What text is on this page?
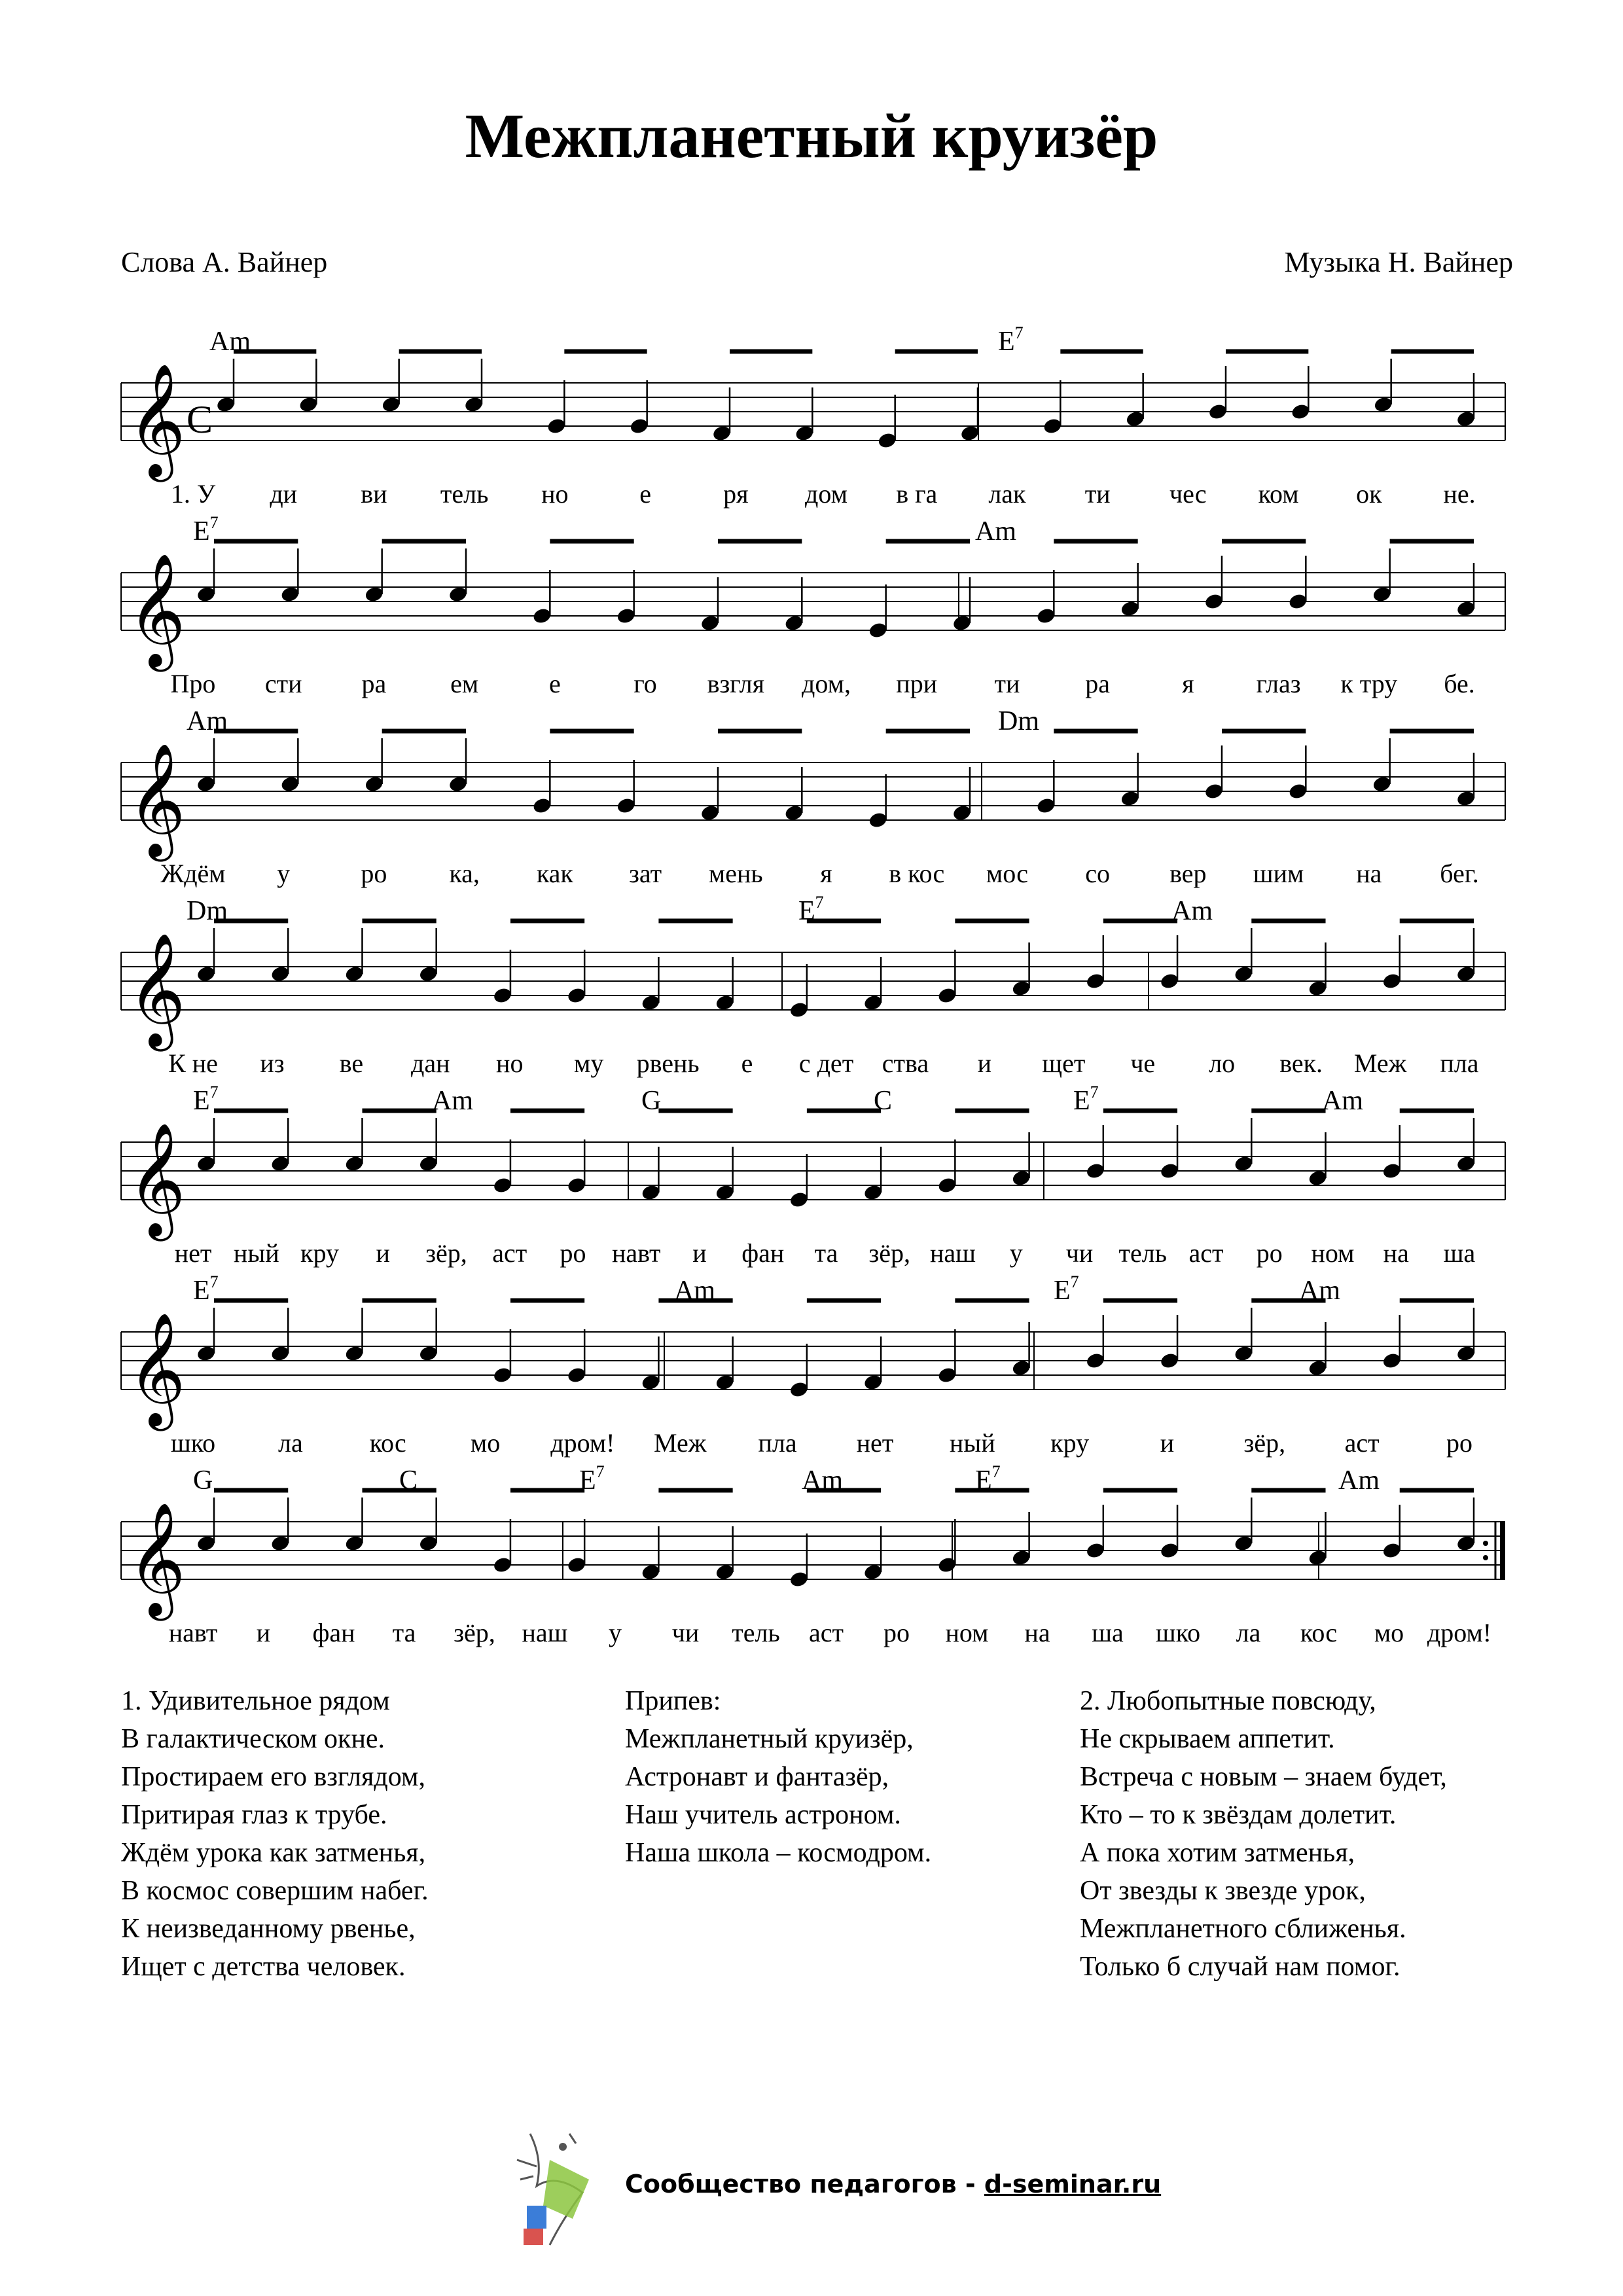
Межпланетный круизёр
Слова А. Вайнер	Музыка Н. Вайнер
𝄞 C
Am	$E^7$
1. У ди ви тель но	е	ря дом в га лак ти чес ком ок не.
𝄞
$E^7$	Am
Про сти ра ем	е	го взгля дом, при ти ра	я глаз к тру бе.
𝄞
Am	Dm
Ждём у	ро ка, как зат мень я в кос мос со вер шим на бег.
𝄞
Dm	$E^7$	Am
К не из ве дан но му рвень е с дет ства и щет че ло век. Меж пла
𝄞
$E^7$	Am	G	C	$E^7$	Am
нет ный кру и зёр, аст ро навт и фан та зёр, наш у чи тель аст ро ном на ша
𝄞
$E^7$	Am	$E^7$	Am
шко ла	кос мо дром! Меж пла нет ный кру	и	зёр, аст	ро
𝄞
G	C	$E^7$	Am	$E^7$	Am
навт и фан та зёр, наш у чи тель аст ро ном на ша шко ла кос мо дром!
1. Удивительное рядом
В галактическом окне.
Простираем его взглядом,
Притирая глаз к трубе.
Ждём урока как затменья,
В космос совершим набег.
К неизведанному рвенье,
Ищет с детства человек.
Припев:
Межпланетный круизёр,
Астронавт и фантазёр,
Наш учитель астроном.
Наша школа – космодром.
2. Любопытные повсюду,
Не скрываем аппетит.
Встреча с новым – знаем будет,
Кто – то к звёздам долетит.
А пока хотим затменья,
От звезды к звезде урок,
Межпланетного сближенья.
Только б случай нам помог.
Сообщество педагогов - d-seminar.ru
